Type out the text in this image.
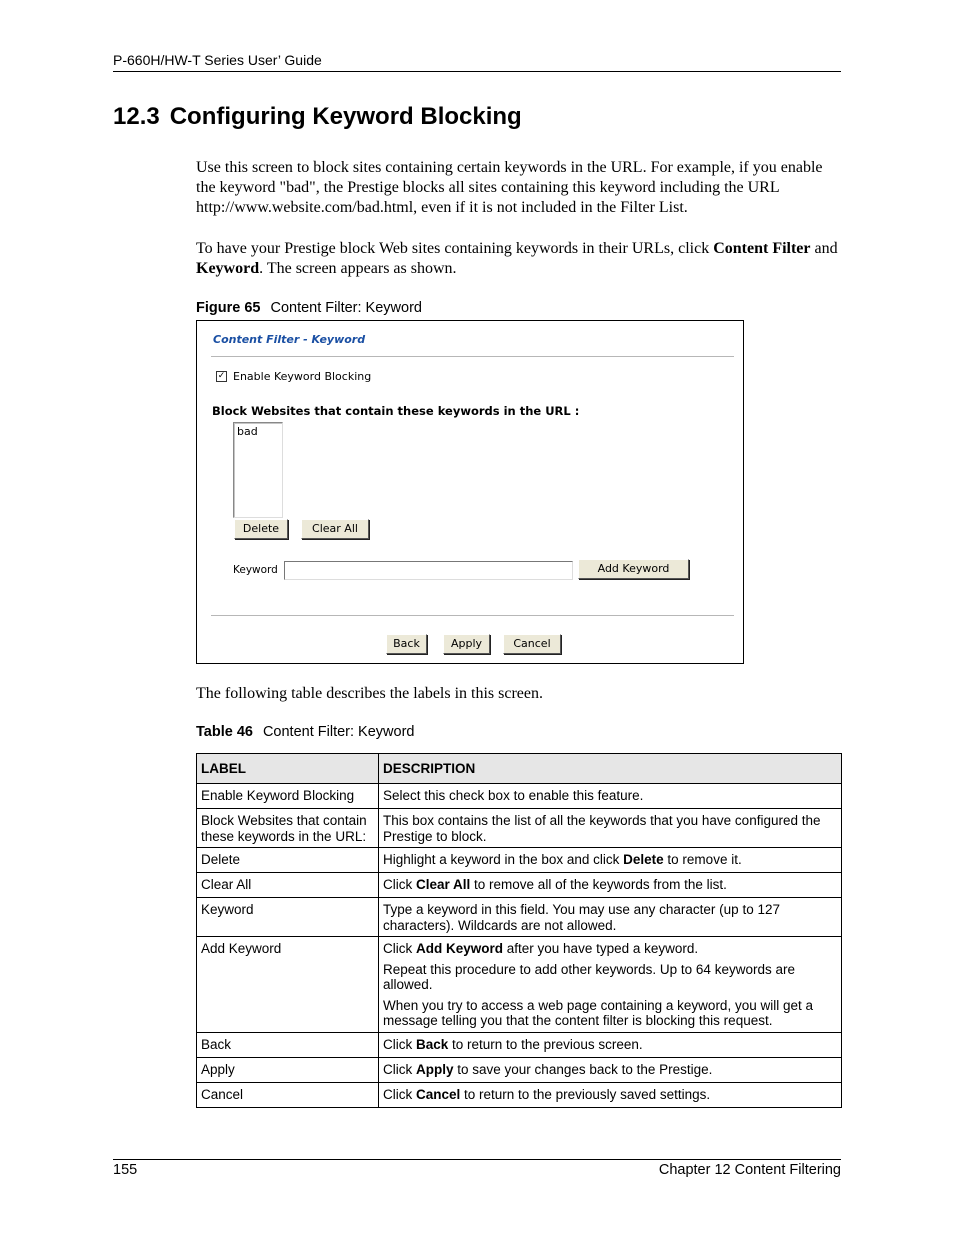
P-660H/HW-T Series User’ Guide
12.3 Configuring Keyword Blocking

Use this screen to block sites containing certain keywords in the URL. For example, if you enable the keyword "bad", the Prestige blocks all sites containing this keyword including the URL http://www.website.com/bad.html, even if it is not included in the Filter List.

To have your Prestige block Web sites containing keywords in their URLs, click Content Filter and Keyword. The screen appears as shown.

Figure 65 Content Filter: Keyword
Content Filter - Keyword
✓ Enable Keyword Blocking
Block Websites that contain these keywords in the URL :
bad
Delete	Clear All
Keyword	Add Keyword
Back	Apply	Cancel

The following table describes the labels in this screen.

Table 46 Content Filter: Keyword
LABEL	DESCRIPTION
Enable Keyword Blocking	Select this check box to enable this feature.
Block Websites that contain these keywords in the URL:	This box contains the list of all the keywords that you have configured the Prestige to block.
Delete	Highlight a keyword in the box and click Delete to remove it.
Clear All	Click Clear All to remove all of the keywords from the list.
Keyword	Type a keyword in this field. You may use any character (up to 127 characters). Wildcards are not allowed.
Add Keyword	Click Add Keyword after you have typed a keyword.

Repeat this procedure to add other keywords. Up to 64 keywords are allowed.

When you try to access a web page containing a keyword, you will get a message telling you that the content filter is blocking this request.

Back	Click Back to return to the previous screen.
Apply	Click Apply to save your changes back to the Prestige.
Cancel	Click Cancel to return to the previously saved settings.
155	Chapter 12 Content Filtering
